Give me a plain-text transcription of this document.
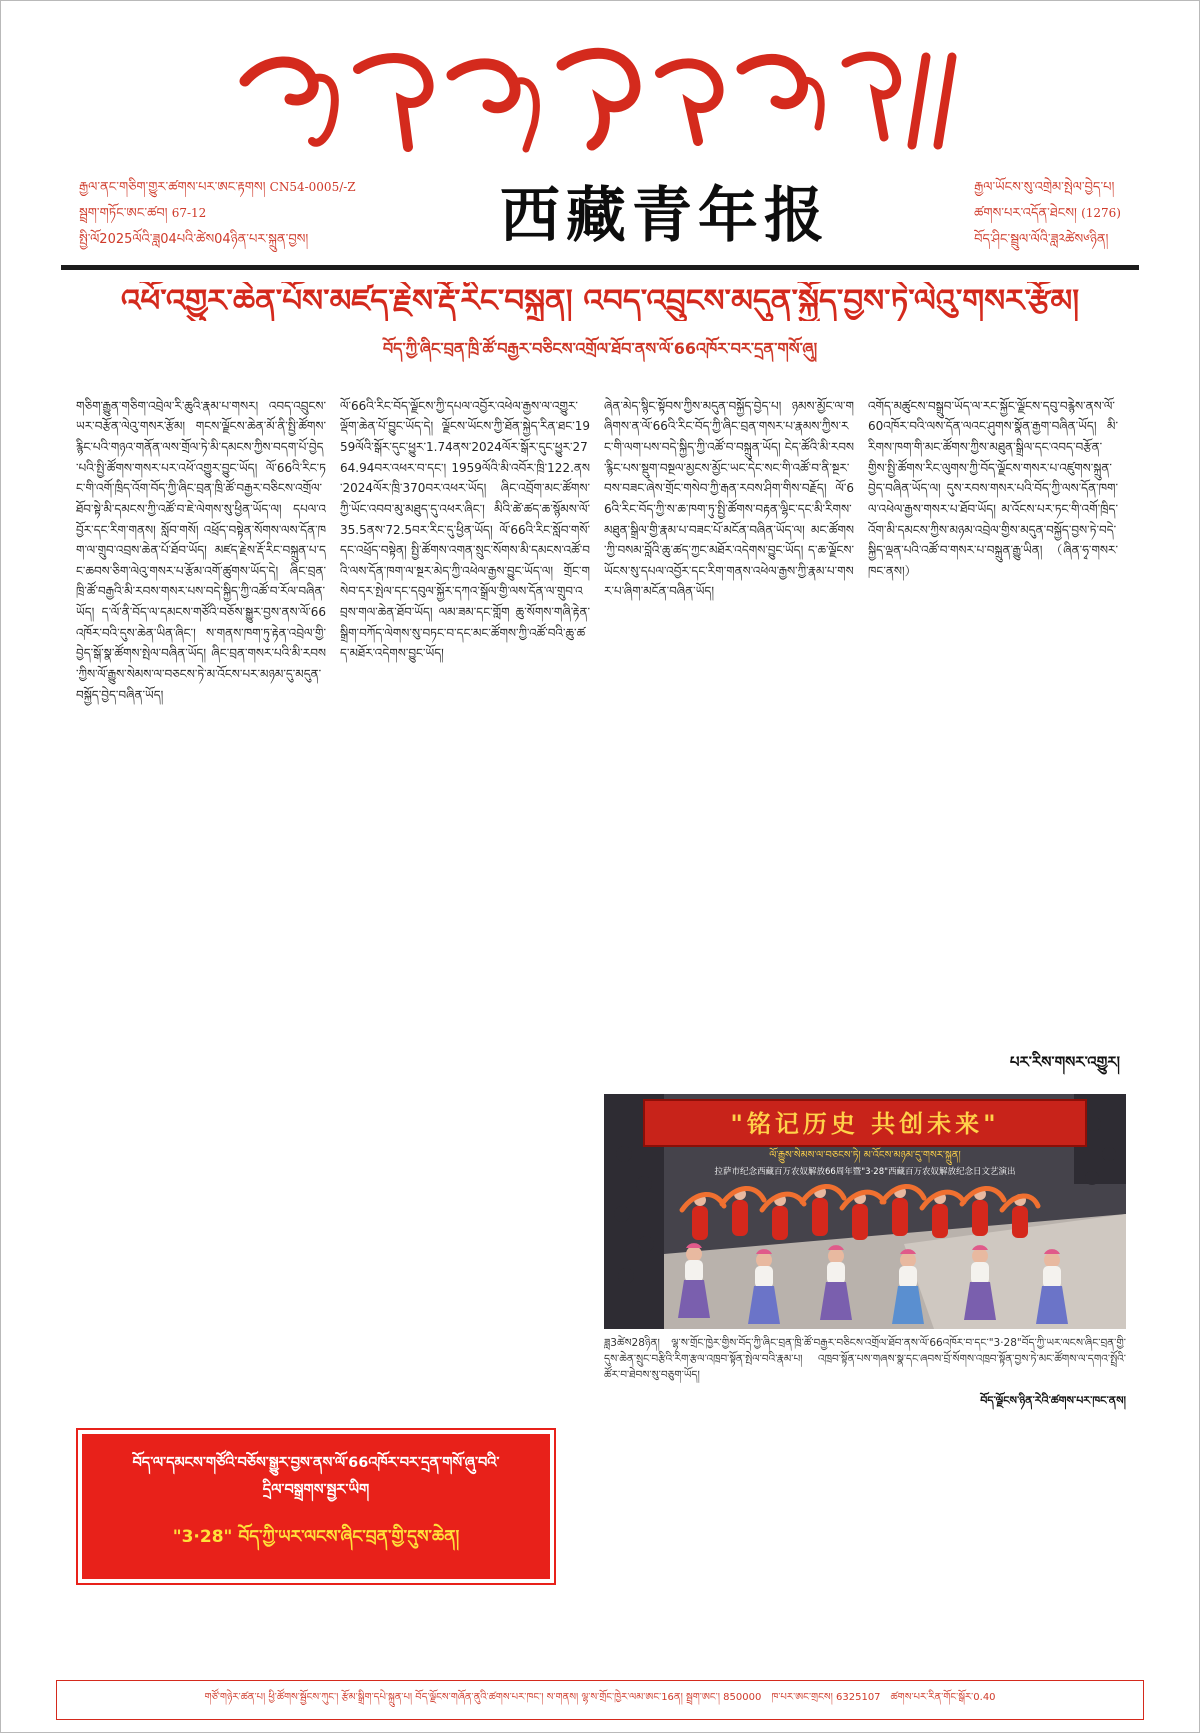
རྒྱལ་ནང་གཅིག་གྱུར་ཚགས་པར་ཨང་རྟགས། CN54-0005/-Z
སྦྲག་གཏོང་ཨང་ཚབ། 67-12
སྤྱི་ལོ2025ལོའི་ཟླ04པའི་ཚེས04ཉིན་པར་སྐྲུན་བྱས།	西藏青年报	རྒྱལ་ཡོངས་སུ་འགྲེམ་སྤེལ་བྱེད་པ།
ཚགས་པར་འདོན་ཐེངས། (1276)
བོད་ཤིང་སྦྲུལ་ལོའི་ཟླ༢ཚེས༦ཉིན།
འཕོ་འགྱུར་ཆེན་པོས་མཛད་རྗེས་རྡོ་རིང་བསྐྲུན། འབད་འབྲུངས་མདུན་སྐྱོད་བྱས་ཏེ་ལེའུ་གསར་རྩོམ།
བོད་ཀྱི་ཞིང་བྲན་ཁྲི་ཚོ་བརྒྱར་བཅིངས་འགྲོལ་ཐོབ་ནས་ལོ་66འཁོར་བར་དྲན་གསོ་ཞུ།
གཅིག་རྒྱུན་གཅིག་འབྲེལ་རི་ཆུའི་རྣམ་པ་གསར། འབད་འབྲུངས་ཡར་བརྩོན་ལེའུ་གསར་རྩོམ། གངས་ལྗོངས་ཆེན་མོ་ནི་སྤྱི་ཚོགས་རྙིང་པའི་གཉའ་གནོན་ལས་གྲོལ་ཏེ་མི་དམངས་ཀྱིས་བདག་པོ་བྱེད་པའི་སྤྱི་ཚོགས་གསར་པར་འཕོ་འགྱུར་བྱུང་ཡོད། ལོ་66འི་རིང་ཏང་གི་འགོ་ཁྲིད་འོག་བོད་ཀྱི་ཞིང་བྲན་ཁྲི་ཚོ་བརྒྱར་བཅིངས་འགྲོལ་ཐོབ་སྟེ་མི་དམངས་ཀྱི་འཚོ་བ་ཇེ་ལེགས་སུ་ཕྱིན་ཡོད་ལ། དཔལ་འབྱོར་དང་རིག་གནས། སློབ་གསོ། འཕྲོད་བསྟེན་སོགས་ལས་དོན་ཁག་ལ་གྲུབ་འབྲས་ཆེན་པོ་ཐོབ་ཡོད། མཛད་རྗེས་རྡོ་རིང་བསྐྲུན་པ་དང་ཆབས་ཅིག་ལེའུ་གསར་པ་རྩོམ་འགོ་ཚུགས་ཡོད་དེ། ཞིང་བྲན་ཁྲི་ཚོ་བརྒྱའི་མི་རབས་གསར་པས་བདེ་སྐྱིད་ཀྱི་འཚོ་བ་རོལ་བཞིན་ཡོད། ད་ལོ་ནི་བོད་ལ་དམངས་གཙོའི་བཅོས་སྒྱུར་བྱས་ནས་ལོ་66འཁོར་བའི་དུས་ཆེན་ཡིན་ཞིང་། ས་གནས་ཁག་ཏུ་རྟེན་འབྲེལ་གྱི་བྱེད་སྒོ་སྣ་ཚོགས་སྤེལ་བཞིན་ཡོད། ཞིང་བྲན་གསར་པའི་མི་རབས་ཀྱིས་ལོ་རྒྱུས་སེམས་ལ་བཅངས་ཏེ་མ་འོངས་པར་མཉམ་དུ་མདུན་བསྐྱོད་བྱེད་བཞིན་ཡོད།
ལོ་66འི་རིང་བོད་ལྗོངས་ཀྱི་དཔལ་འབྱོར་འཕེལ་རྒྱས་ལ་འགྱུར་ལྡོག་ཆེན་པོ་བྱུང་ཡོད་དེ། ལྗོངས་ཡོངས་ཀྱི་ཐོན་སྐྱེད་རིན་ཐང་1959ལོའི་སྒོར་དུང་ཕྱུར་1.74ནས་2024ལོར་སྒོར་དུང་ཕྱུར་2764.94བར་འཕར་བ་དང་། 1959ལོའི་མི་འབོར་ཁྲི་122.ནས་2024ལོར་ཁྲི་370བར་འཕར་ཡོད། ཞིང་འབྲོག་མང་ཚོགས་ཀྱི་ཡོང་འབབ་མུ་མཐུད་དུ་འཕར་ཞིང་། མིའི་ཚེ་ཚད་ཆ་སྙོམས་ལོ་35.5ནས་72.5བར་རིང་དུ་ཕྱིན་ཡོད། ལོ་66འི་རིང་སློབ་གསོ་དང་འཕྲོད་བསྟེན། སྤྱི་ཚོགས་འགན་སྲུང་སོགས་མི་དམངས་འཚོ་བའི་ལས་དོན་ཁག་ལ་སྔར་མེད་ཀྱི་འཕེལ་རྒྱས་བྱུང་ཡོད་ལ། གྲོང་གསེབ་དར་སྤེལ་དང་དབུལ་སྐྱོར་དཀའ་སྒྲོལ་གྱི་ལས་དོན་ལ་གྲུབ་འབྲས་གལ་ཆེན་ཐོབ་ཡོད། ལམ་ཟམ་དང་གློག ཆུ་སོགས་གཞི་རྟེན་སྒྲིག་བཀོད་ལེགས་སུ་བཏང་བ་དང་མང་ཚོགས་ཀྱི་འཚོ་བའི་ཆུ་ཚད་མཐོར་འདེགས་བྱུང་ཡོད།
བོད་ལ་དམངས་གཙོའི་བཅོས་སྒྱུར་བྱས་ནས་ལོ་66འཁོར་བར་དྲན་གསོ་ཞུ་བའི་
དྲིལ་བསྒྲགས་སྦྱར་ཡིག
"3·28" བོད་ཀྱི་ཡར་ལངས་ཞིང་བྲན་གྱི་དུས་ཆེན།
ཞེན་མེད་སྙིང་སྟོབས་ཀྱིས་མདུན་བསྐྱོད་བྱེད་པ། ཉམས་མྱོང་ལ་གཞིགས་ན་ལོ་66འི་རིང་བོད་ཀྱི་ཞིང་བྲན་གསར་པ་རྣམས་ཀྱིས་རང་གི་ལག་པས་བདེ་སྐྱིད་ཀྱི་འཚོ་བ་བསྐྲུན་ཡོད། ངེད་ཚོའི་མི་རབས་རྙིང་པས་སྡུག་བསྔལ་མྱངས་མྱོང་ཡང་དེང་སང་གི་འཚོ་བ་ནི་སྔར་བས་བཟང་ཞེས་གྲོང་གསེབ་ཀྱི་རྒན་རབས་ཤིག་གིས་བརྗོད། ལོ་66འི་རིང་བོད་ཀྱི་ས་ཆ་ཁག་ཏུ་སྤྱི་ཚོགས་བརྟན་ལྷིང་དང་མི་རིགས་མཐུན་སྒྲིལ་གྱི་རྣམ་པ་བཟང་པོ་མངོན་བཞིན་ཡོད་ལ། མང་ཚོགས་ཀྱི་བསམ་བློའི་ཆུ་ཚད་ཀྱང་མཐོར་འདེགས་བྱུང་ཡོད། ད་ཆ་ལྗོངས་ཡོངས་སུ་དཔལ་འབྱོར་དང་རིག་གནས་འཕེལ་རྒྱས་ཀྱི་རྣམ་པ་གསར་པ་ཞིག་མངོན་བཞིན་ཡོད།
འགོད་མཚུངས་བསྒྲུབ་ཡོད་ལ་རང་སྐྱོང་ལྗོངས་དབུ་བརྙེས་ནས་ལོ་60འཁོར་བའི་ལས་དོན་ལའང་ཤུགས་སྣོན་རྒྱག་བཞིན་ཡོད། མི་རིགས་ཁག་གི་མང་ཚོགས་ཀྱིས་མཐུན་སྒྲིལ་དང་འབད་བརྩོན་གྱིས་སྤྱི་ཚོགས་རིང་ལུགས་ཀྱི་བོད་ལྗོངས་གསར་པ་འཛུགས་སྐྲུན་བྱེད་བཞིན་ཡོད་ལ། དུས་རབས་གསར་པའི་བོད་ཀྱི་ལས་དོན་ཁག་ལ་འཕེལ་རྒྱས་གསར་པ་ཐོབ་ཡོད། མ་འོངས་པར་ཏང་གི་འགོ་ཁྲིད་འོག་མི་དམངས་ཀྱིས་མཉམ་འབྲེལ་གྱིས་མདུན་བསྐྱོད་བྱས་ཏེ་བདེ་སྐྱིད་ལྡན་པའི་འཚོ་བ་གསར་པ་བསྐྲུན་རྒྱུ་ཡིན།　（ཞིན་ཧྭ་གསར་ཁང་ནས།）
པར་རིས་གསར་འགྱུར།
"铭记历史 共创未来"
ལོ་རྒྱུས་སེམས་ལ་བཅངས་ཏེ། མ་འོངས་མཉམ་དུ་གསར་སྐྲུན།
拉萨市纪念西藏百万农奴解放66周年暨"3·28"西藏百万农奴解放纪念日文艺演出
ཟླ3ཚེས28ཉིན། ལྷ་ས་གྲོང་ཁྱེར་གྱིས་བོད་ཀྱི་ཞིང་བྲན་ཁྲི་ཚོ་བརྒྱར་བཅིངས་འགྲོལ་ཐོབ་ནས་ལོ་66འཁོར་བ་དང་"3·28"བོད་ཀྱི་ཡར་ལངས་ཞིང་བྲན་གྱི་དུས་ཆེན་སྲུང་བརྩིའི་རིག་རྩལ་འཁྲབ་སྟོན་སྤེལ་བའི་རྣམ་པ། འཁྲབ་སྟོན་པས་གཞས་སྣ་དང་ཞབས་བྲོ་སོགས་འཁྲབ་སྟོན་བྱས་ཏེ་མང་ཚོགས་ལ་དགའ་སྤྲོའི་ཚོར་བ་ཐེབས་སུ་བཅུག་ཡོད།
བོད་ལྗོངས་ཉིན་རེའི་ཚགས་པར་ཁང་ནས།
གཙོ་གཉེར་ཚན་པ། ཕྱི་ཚོགས་སྦྱོངས་ཀུང་། རྩོམ་སྒྲིག་དཔེ་སྐྲུན་པ། བོད་ལྗོངས་གཞོན་ནུའི་ཚགས་པར་ཁང་། ས་གནས། ལྷ་ས་གྲོང་ཁྱེར་ལམ་ཨང་16ན། སྦྲག་ཨང་། 850000　ཁ་པར་ཨང་གྲངས། 6325107　ཚགས་པར་རིན་གོང་སྒོར་0.40
